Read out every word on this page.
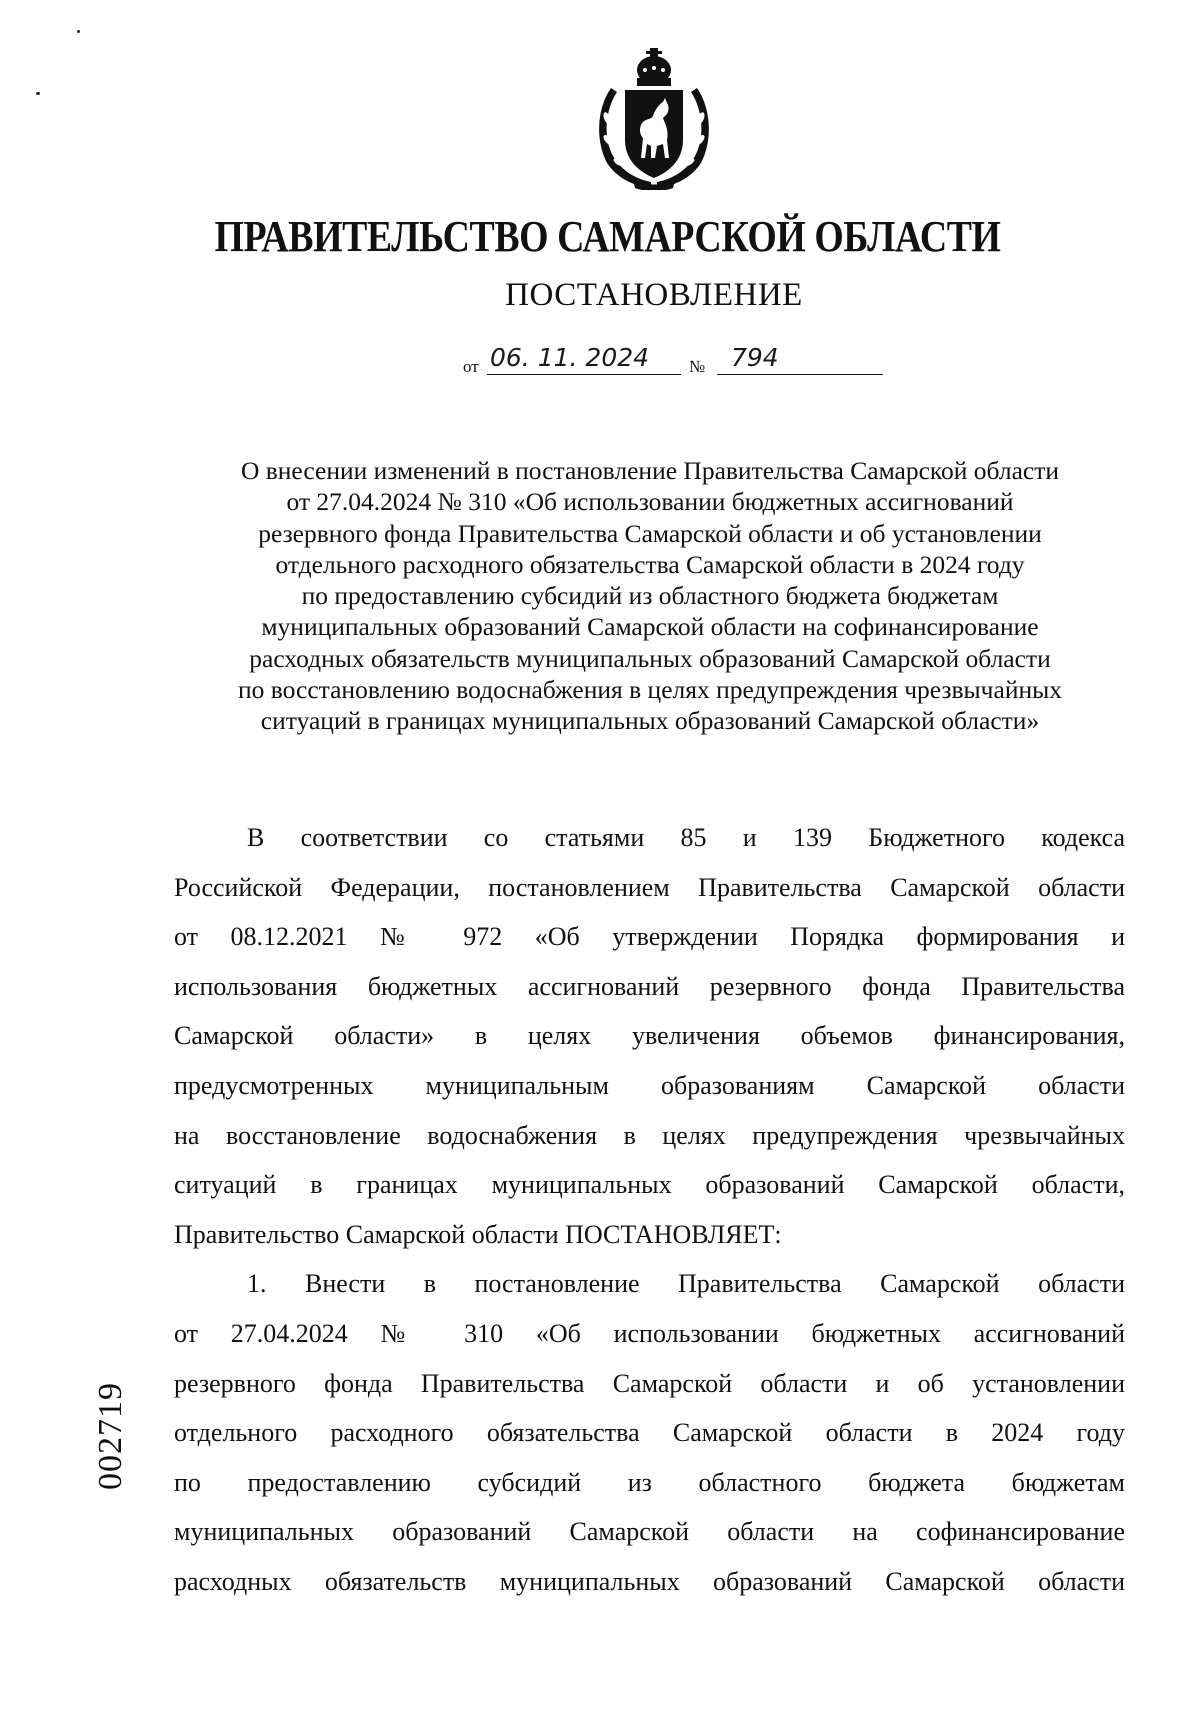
ПРАВИТЕЛЬСТВО САМАРСКОЙ ОБЛАСТИ
ПОСТАНОВЛЕНИЕ
от 06. 11. 2024 № 794
О внесении изменений в постановление Правительства Самарской области
от 27.04.2024 № 310 «Об использовании бюджетных ассигнований
резервного фонда Правительства Самарской области и об установлении
отдельного расходного обязательства Самарской области в 2024 году
по предоставлению субсидий из областного бюджета бюджетам
муниципальных образований Самарской области на софинансирование
расходных обязательств муниципальных образований Самарской области
по восстановлению водоснабжения в целях предупреждения чрезвычайных
ситуаций в границах муниципальных образований Самарской области»
В соответствии со статьями 85 и 139 Бюджетного кодекса
Российской Федерации, постановлением Правительства Самарской области
от 08.12.2021 № 972 «Об утверждении Порядка формирования и
использования бюджетных ассигнований резервного фонда Правительства
Самарской области» в целях увеличения объемов финансирования,
предусмотренных муниципальным образованиям Самарской области
на восстановление водоснабжения в целях предупреждения чрезвычайных
ситуаций в границах муниципальных образований Самарской области,
Правительство Самарской области ПОСТАНОВЛЯЕТ:
1. Внести в постановление Правительства Самарской области
от 27.04.2024 № 310 «Об использовании бюджетных ассигнований
резервного фонда Правительства Самарской области и об установлении
отдельного расходного обязательства Самарской области в 2024 году
по предоставлению субсидий из областного бюджета бюджетам
муниципальных образований Самарской области на софинансирование
расходных обязательств муниципальных образований Самарской области
002719
